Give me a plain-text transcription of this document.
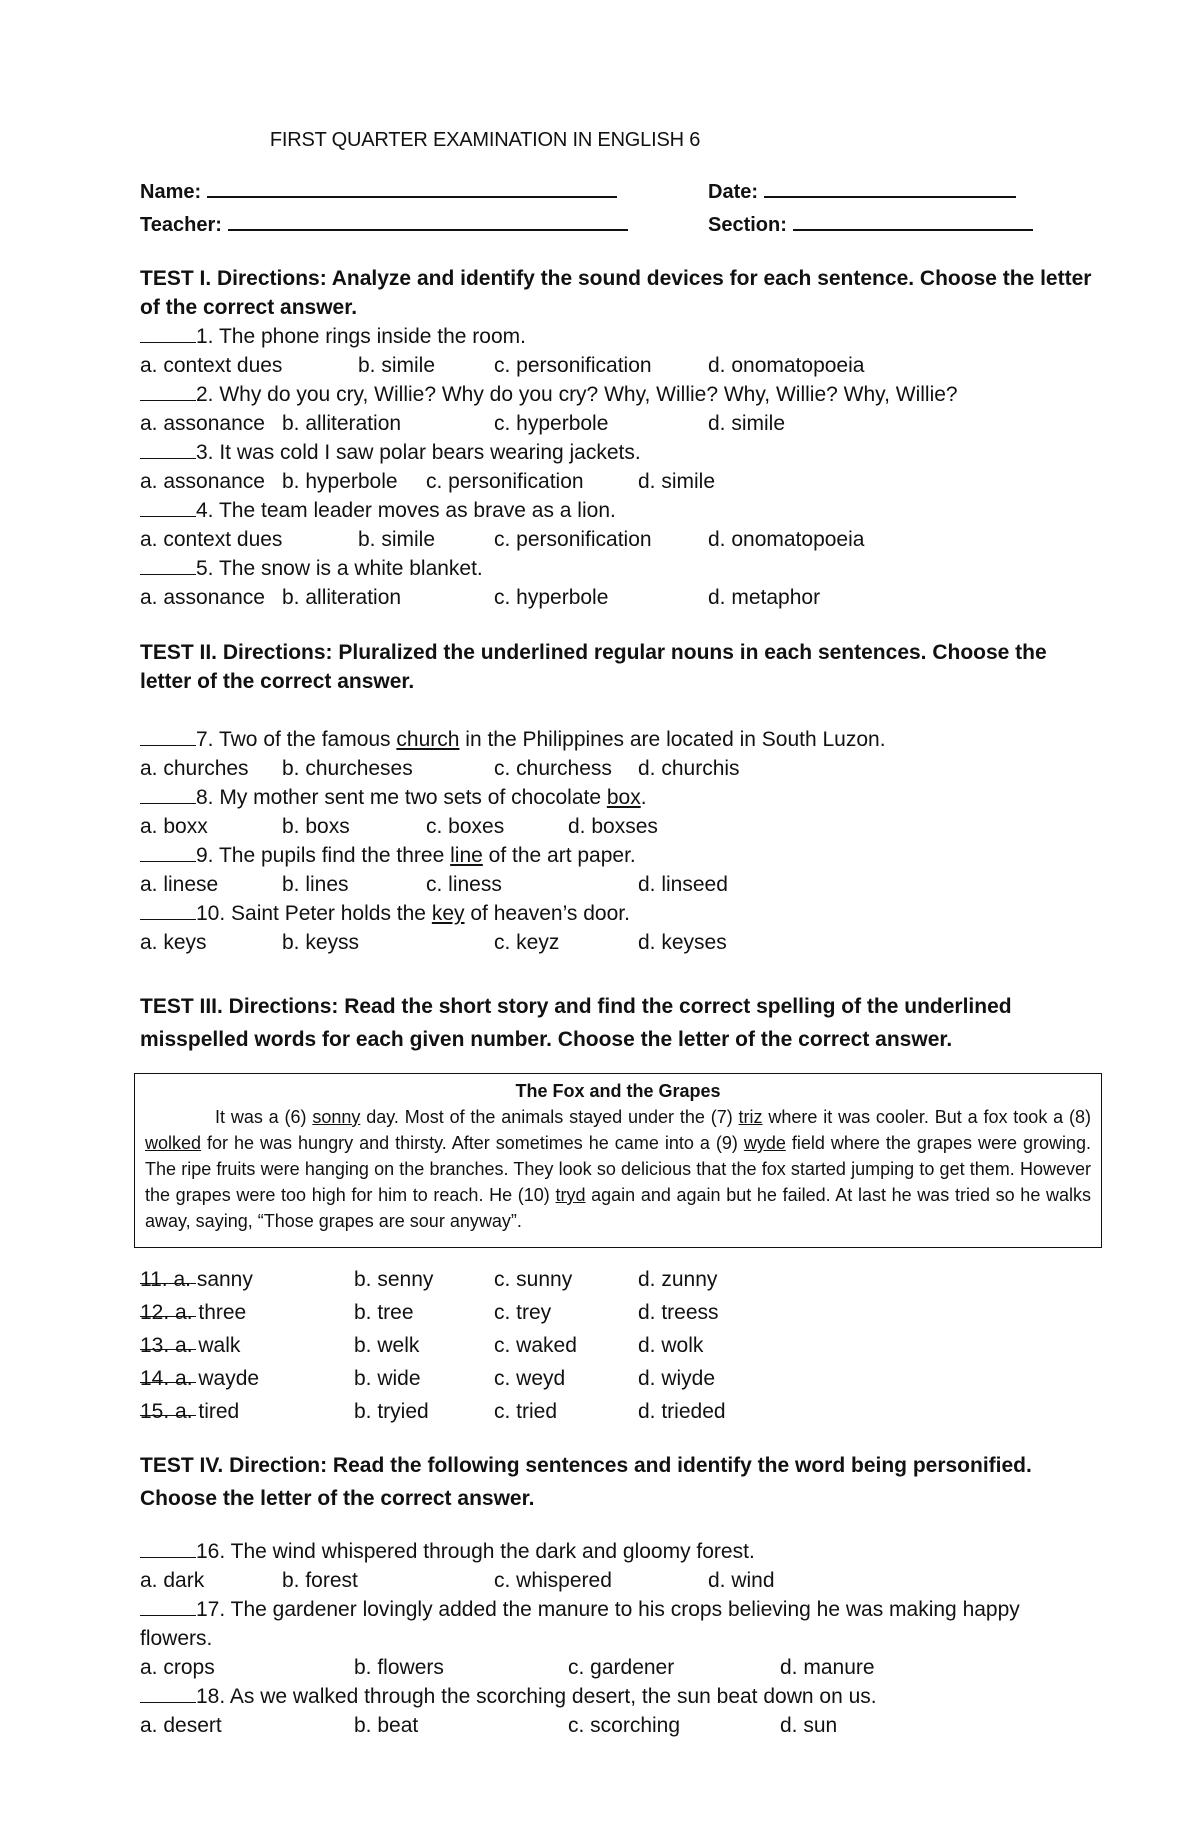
FIRST QUARTER EXAMINATION IN ENGLISH 6
Name:	Date:
Teacher:	Section:
TEST I. Directions: Analyze and identify the sound devices for each sentence. Choose the letter
of the correct answer.
1. The phone rings inside the room.
a. context dues	b. simile	c. personification	d. onomatopoeia
2. Why do you cry, Willie? Why do you cry? Why, Willie? Why, Willie? Why, Willie?
a. assonance b. alliteration	c. hyperbole	d. simile
3. It was cold I saw polar bears wearing jackets.
a. assonance b. hyperbole c. personification	d. simile
4. The team leader moves as brave as a lion.
a. context dues	b. simile	c. personification	d. onomatopoeia
5. The snow is a white blanket.
a. assonance b. alliteration	c. hyperbole	d. metaphor
TEST II. Directions: Pluralized the underlined regular nouns in each sentences. Choose the
letter of the correct answer.
7. Two of the famous church in the Philippines are located in South Luzon.
a. churches b. churcheses	c. churchess d. churchis
8. My mother sent me two sets of chocolate box.
a. boxx	b. boxs	c. boxes	d. boxses
9. The pupils find the three line of the art paper.
a. linese	b. lines	c. liness	d. linseed
10. Saint Peter holds the key of heaven’s door.
a. keys	b. keyss	c. keyz	d. keyses
TEST III. Directions: Read the short story and find the correct spelling of the underlined
misspelled words for each given number. Choose the letter of the correct answer.
The Fox and the Grapes

It was a (6) sonny day. Most of the animals stayed under the (7) triz where it was cooler. But a fox took a (8) wolked for he was hungry and thirsty. After sometimes he came into a (9) wyde field where the grapes were growing. The ripe fruits were hanging on the branches. They look so delicious that the fox started jumping to get them. However the grapes were too high for him to reach. He (10) tryd again and again but he failed. At last he was tried so he walks away, saying, “Those grapes are sour anyway”.

11. a. sanny	b. senny	c. sunny	d. zunny
12. a. three	b. tree	c. trey	d. treess
13. a. walk	b. welk	c. waked	d. wolk
14. a. wayde	b. wide	c. weyd	d. wiyde
15. a. tired	b. tryied	c. tried	d. trieded
TEST IV. Direction: Read the following sentences and identify the word being personified.
Choose the letter of the correct answer.
16. The wind whispered through the dark and gloomy forest.
a. dark	b. forest	c. whispered	d. wind
17. The gardener lovingly added the manure to his crops believing he was making happy
flowers.
a. crops	b. flowers	c. gardener	d. manure
18. As we walked through the scorching desert, the sun beat down on us.
a. desert	b. beat	c. scorching	d. sun
